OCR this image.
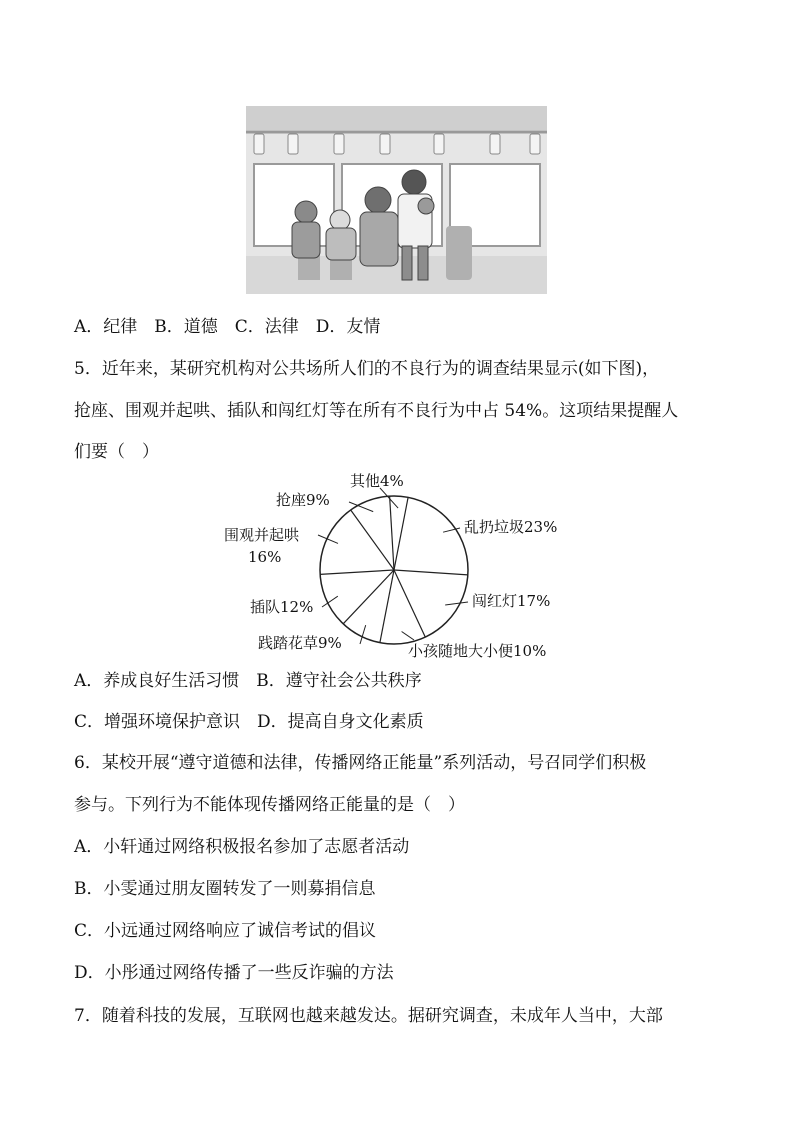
A．纪律　B．道德　C．法律　D．友情
5．近年来，某研究机构对公共场所人们的不良行为的调查结果显示(如下图)，
抢座、围观并起哄、插队和闯红灯等在所有不良行为中占 54%。这项结果提醒人
们要（　）
乱扔垃圾23%
闯红灯17%
小孩随地大小便10%
践踏花草9%
插队12%
围观并起哄
16%
抢座9%
其他4%
A．养成良好生活习惯　B．遵守社会公共秩序
C．增强环境保护意识　D．提高自身文化素质
6．某校开展“遵守道德和法律，传播网络正能量”系列活动，号召同学们积极
参与。下列行为不能体现传播网络正能量的是（　）
A．小轩通过网络积极报名参加了志愿者活动
B．小雯通过朋友圈转发了一则募捐信息
C．小远通过网络响应了诚信考试的倡议
D．小彤通过网络传播了一些反诈骗的方法
7．随着科技的发展，互联网也越来越发达。据研究调查，未成年人当中，大部
